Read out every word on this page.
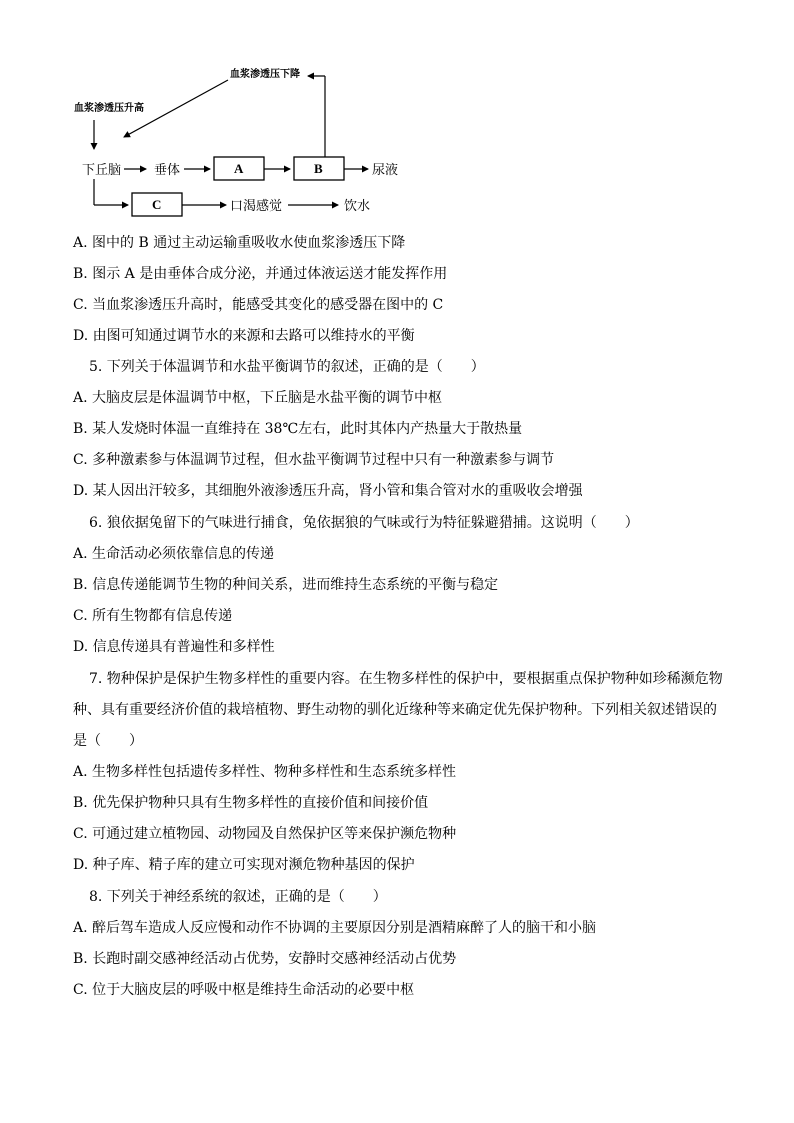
血浆渗透压下降
血浆渗透压升高
下丘脑	垂体	A	B	尿液
C	口渴感觉	饮水
A. 图中的 B 通过主动运输重吸收水使血浆渗透压下降
B. 图示 A 是由垂体合成分泌，并通过体液运送才能发挥作用
C. 当血浆渗透压升高时，能感受其变化的感受器在图中的 C
D. 由图可知通过调节水的来源和去路可以维持水的平衡
5. 下列关于体温调节和水盐平衡调节的叙述，正确的是（　　）
A. 大脑皮层是体温调节中枢，下丘脑是水盐平衡的调节中枢
B. 某人发烧时体温一直维持在 38℃左右，此时其体内产热量大于散热量
C. 多种激素参与体温调节过程，但水盐平衡调节过程中只有一种激素参与调节
D. 某人因出汗较多，其细胞外液渗透压升高，肾小管和集合管对水的重吸收会增强
6. 狼依据兔留下的气味进行捕食，兔依据狼的气味或行为特征躲避猎捕。这说明（　　）
A. 生命活动必须依靠信息的传递
B. 信息传递能调节生物的种间关系，进而维持生态系统的平衡与稳定
C. 所有生物都有信息传递
D. 信息传递具有普遍性和多样性
7. 物种保护是保护生物多样性的重要内容。在生物多样性的保护中，要根据重点保护物种如珍稀濒危物
种、具有重要经济价值的栽培植物、野生动物的驯化近缘种等来确定优先保护物种。下列相关叙述错误的
是（　　）
A. 生物多样性包括遗传多样性、物种多样性和生态系统多样性
B. 优先保护物种只具有生物多样性的直接价值和间接价值
C. 可通过建立植物园、动物园及自然保护区等来保护濒危物种
D. 种子库、精子库的建立可实现对濒危物种基因的保护
8. 下列关于神经系统的叙述，正确的是（　　）
A. 醉后驾车造成人反应慢和动作不协调的主要原因分别是酒精麻醉了人的脑干和小脑
B. 长跑时副交感神经活动占优势，安静时交感神经活动占优势
C. 位于大脑皮层的呼吸中枢是维持生命活动的必要中枢
